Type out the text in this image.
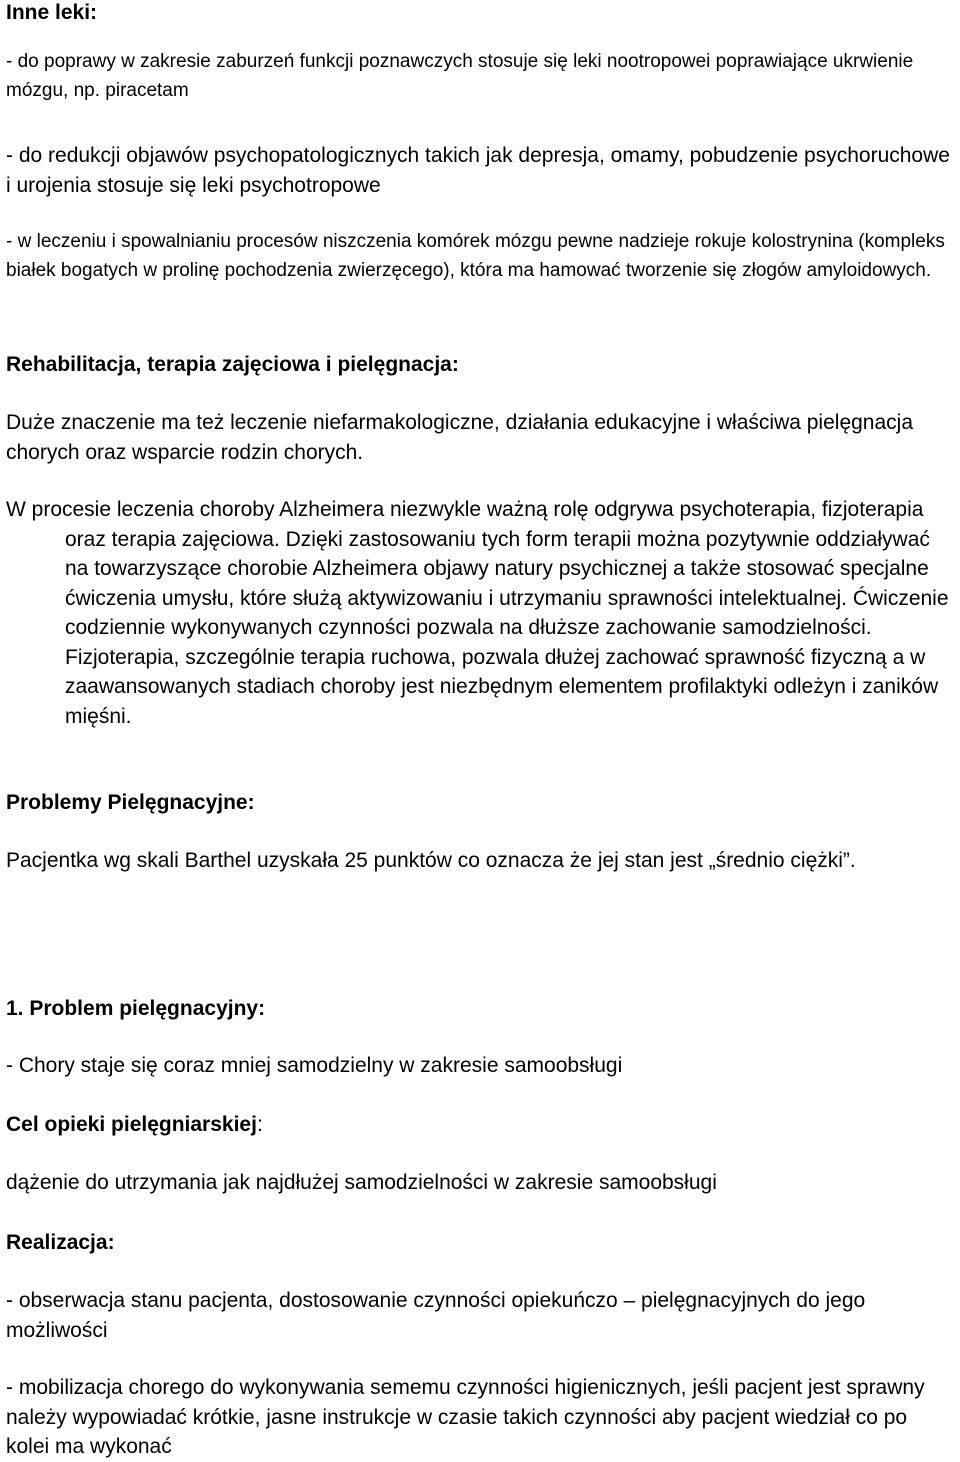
Inne leki:

- do poprawy w zakresie zaburzeń funkcji poznawczych stosuje się leki nootropowei poprawiające ukrwienie mózgu, np. piracetam

- do redukcji objawów psychopatologicznych takich jak depresja, omamy, pobudzenie psychoruchowe i urojenia stosuje się leki psychotropowe

- w leczeniu i spowalnianiu procesów niszczenia komórek mózgu pewne nadzieje rokuje kolostrynina (kompleks białek bogatych w prolinę pochodzenia zwierzęcego), która ma hamować tworzenie się złogów amyloidowych.

Rehabilitacja, terapia zajęciowa i pielęgnacja:

Duże znaczenie ma też leczenie niefarmakologiczne, działania edukacyjne i właściwa pielęgnacja chorych oraz wsparcie rodzin chorych.

W procesie leczenia choroby Alzheimera niezwykle ważną rolę odgrywa psychoterapia, fizjoterapia oraz terapia zajęciowa. Dzięki zastosowaniu tych form terapii można pozytywnie oddziaływać na towarzyszące chorobie Alzheimera objawy natury psychicznej a także stosować specjalne ćwiczenia umysłu, które służą aktywizowaniu i utrzymaniu sprawności intelektualnej. Ćwiczenie codziennie wykonywanych czynności pozwala na dłuższe zachowanie samodzielności. Fizjoterapia, szczególnie terapia ruchowa, pozwala dłużej zachować sprawność fizyczną a w zaawansowanych stadiach choroby jest niezbędnym elementem profilaktyki odleżyn i zaników mięśni.

Problemy Pielęgnacyjne:

Pacjentka wg skali Barthel uzyskała 25 punktów co oznacza że jej stan jest „średnio ciężki”.

1. Problem pielęgnacyjny:

- Chory staje się coraz mniej samodzielny w zakresie samoobsługi

Cel opieki pielęgniarskiej:

dążenie do utrzymania jak najdłużej samodzielności w zakresie samoobsługi

Realizacja:

- obserwacja stanu pacjenta, dostosowanie czynności opiekuńczo – pielęgnacyjnych do jego możliwości

- mobilizacja chorego do wykonywania sememu czynności higienicznych, jeśli pacjent jest sprawny należy wypowiadać krótkie, jasne instrukcje w czasie takich czynności aby pacjent wiedział co po kolei ma wykonać
